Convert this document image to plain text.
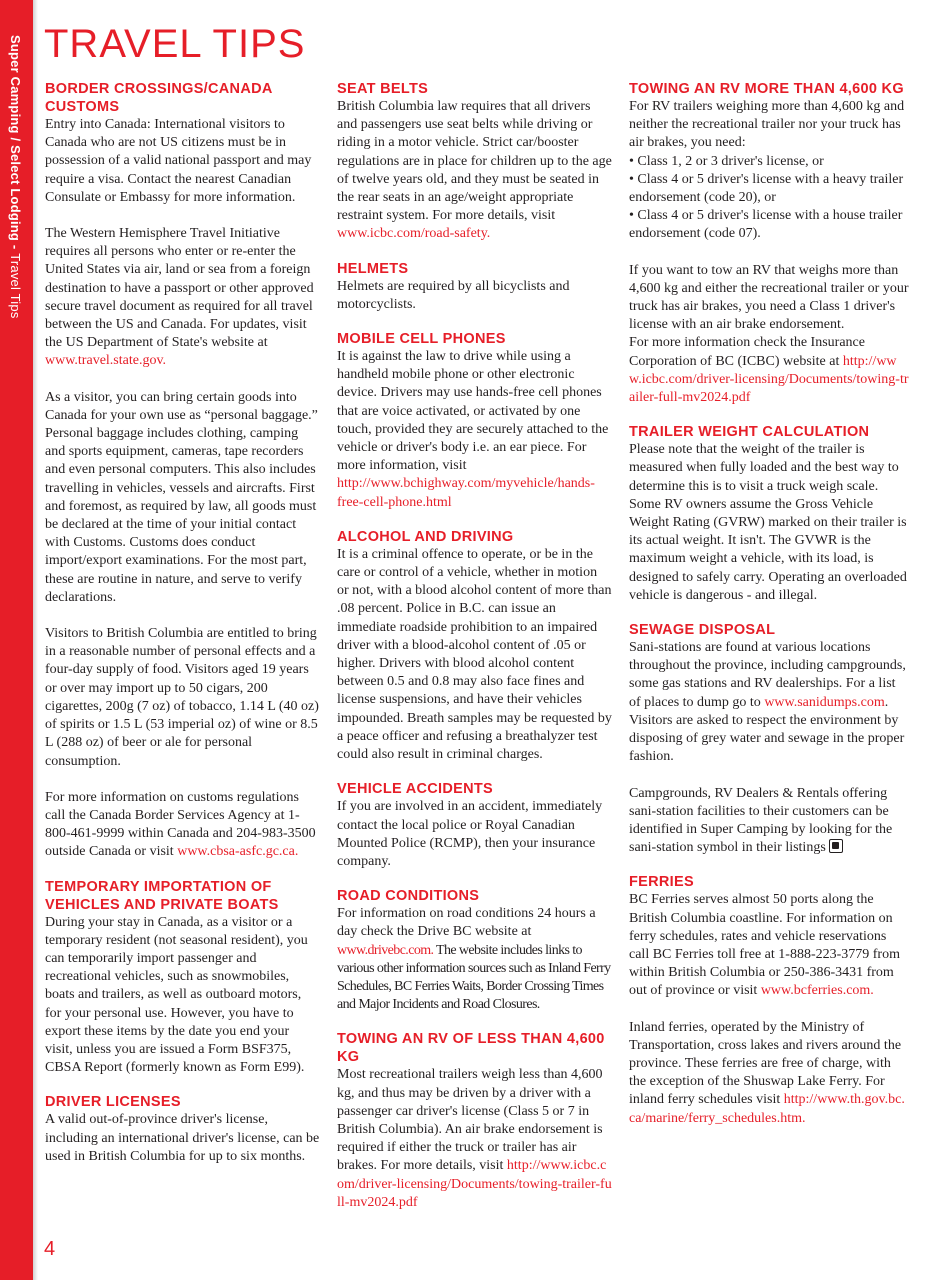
Super Camping / Select Lodging - Travel Tips
TRAVEL TIPS
BORDER CROSSINGS/CANADA CUSTOMS

Entry into Canada: International visitors to Canada who are not US citizens must be in possession of a valid national passport and may require a visa. Contact the nearest Canadian Consulate or Embassy for more information.

The Western Hemisphere Travel Initiative requires all persons who enter or re-enter the United States via air, land or sea from a foreign destination to have a passport or other approved secure travel document as required for all travel between the US and Canada. For updates, visit the US Department of State's website at www.travel.state.gov.

As a visitor, you can bring certain goods into Canada for your own use as “personal baggage.” Personal baggage includes clothing, camping and sports equipment, cameras, tape recorders and even personal computers. This also includes travelling in vehicles, vessels and aircrafts. First and foremost, as required by law, all goods must be declared at the time of your initial contact with Customs. Customs does conduct import/export examinations. For the most part, these are routine in nature, and serve to verify declarations.

Visitors to British Columbia are entitled to bring in a reasonable number of personal effects and a four-day supply of food. Visitors aged 19 years or over may import up to 50 cigars, 200 cigarettes, 200g (7 oz) of tobacco, 1.14 L (40 oz) of spirits or 1.5 L (53 imperial oz) of wine or 8.5 L (288 oz) of beer or ale for personal consumption.

For more information on customs regulations call the Canada Border Services Agency at 1-800-461-9999 within Canada and 204-983-3500 outside Canada or visit www.cbsa-asfc.gc.ca.

TEMPORARY IMPORTATION OF VEHICLES AND PRIVATE BOATS

During your stay in Canada, as a visitor or a temporary resident (not seasonal resident), you can temporarily import passenger and recreational vehicles, such as snowmobiles, boats and trailers, as well as outboard motors, for your personal use. However, you have to export these items by the date you end your visit, unless you are issued a Form BSF375, CBSA Report (formerly known as Form E99).

DRIVER LICENSES

A valid out-of-province driver's license, including an international driver's license, can be used in British Columbia for up to six months.

SEAT BELTS

British Columbia law requires that all drivers and passengers use seat belts while driving or riding in a motor vehicle. Strict car/booster regulations are in place for children up to the age of twelve years old, and they must be seated in the rear seats in an age/weight appropriate restraint system. For more details, visit www.icbc.com/road-safety.

HELMETS

Helmets are required by all bicyclists and motorcyclists.

MOBILE CELL PHONES

It is against the law to drive while using a handheld mobile phone or other electronic device. Drivers may use hands-free cell phones that are voice activated, or activated by one touch, provided they are securely attached to the vehicle or driver's body i.e. an ear piece. For more information, visit http://www.bchighway.com/myvehicle/hands-free-cell-phone.html

ALCOHOL AND DRIVING

It is a criminal offence to operate, or be in the care or control of a vehicle, whether in motion or not, with a blood alcohol content of more than .08 percent. Police in B.C. can issue an immediate roadside prohibition to an impaired driver with a blood-alcohol content of .05 or higher. Drivers with blood alcohol content between 0.5 and 0.8 may also face fines and license suspensions, and have their vehicles impounded. Breath samples may be requested by a peace officer and refusing a breathalyzer test could also result in criminal charges.

VEHICLE ACCIDENTS

If you are involved in an accident, immediately contact the local police or Royal Canadian Mounted Police (RCMP), then your insurance company.

ROAD CONDITIONS

For information on road conditions 24 hours a day check the Drive BC website at www.drivebc.com. The website includes links to various other information sources such as Inland Ferry Schedules, BC Ferries Waits, Border Crossing Times and Major Incidents and Road Closures.

TOWING AN RV OF LESS THAN 4,600 KG

Most recreational trailers weigh less than 4,600 kg, and thus may be driven by a driver with a passenger car driver's license (Class 5 or 7 in British Columbia). An air brake endorsement is required if either the truck or trailer has air brakes. For more details, visit http://www.icbc.com/driver-licensing/Documents/towing-trailer-full-mv2024.pdf

TOWING AN RV MORE THAN 4,600 KG

For RV trailers weighing more than 4,600 kg and neither the recreational trailer nor your truck has air brakes, you need:

• Class 1, 2 or 3 driver's license, or
• Class 4 or 5 driver's license with a heavy trailer endorsement (code 20), or
• Class 4 or 5 driver's license with a house trailer endorsement (code 07).

If you want to tow an RV that weighs more than 4,600 kg and either the recreational trailer or your truck has air brakes, you need a Class 1 driver's license with an air brake endorsement.

For more information check the Insurance Corporation of BC (ICBC) website at http://www.icbc.com/driver-licensing/Documents/towing-trailer-full-mv2024.pdf

TRAILER WEIGHT CALCULATION

Please note that the weight of the trailer is measured when fully loaded and the best way to determine this is to visit a truck weigh scale. Some RV owners assume the Gross Vehicle Weight Rating (GVRW) marked on their trailer is its actual weight. It isn't. The GVWR is the maximum weight a vehicle, with its load, is designed to safely carry. Operating an overloaded vehicle is dangerous - and illegal.

SEWAGE DISPOSAL

Sani-stations are found at various locations throughout the province, including campgrounds, some gas stations and RV dealerships. For a list of places to dump go to www.sanidumps.com. Visitors are asked to respect the environment by disposing of grey water and sewage in the proper fashion.

Campgrounds, RV Dealers & Rentals offering sani-station facilities to their customers can be identified in Super Camping by looking for the sani-station symbol in their listings

FERRIES

BC Ferries serves almost 50 ports along the British Columbia coastline. For information on ferry schedules, rates and vehicle reservations call BC Ferries toll free at 1-888-223-3779 from within British Columbia or 250-386-3431 from out of province or visit www.bcferries.com.

Inland ferries, operated by the Ministry of Transportation, cross lakes and rivers around the province. These ferries are free of charge, with the exception of the Shuswap Lake Ferry. For inland ferry schedules visit http://www.th.gov.bc.ca/marine/ferry_schedules.htm.

4
